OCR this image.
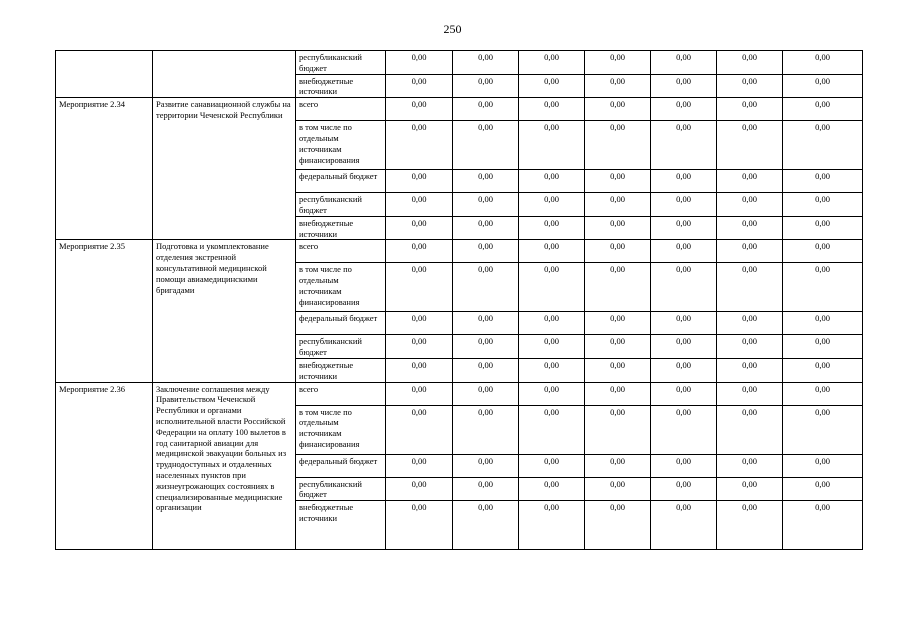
250
		республиканский бюджет	0,00	0,00	0,00	0,00	0,00	0,00	0,00
		внебюджетные источники	0,00	0,00	0,00	0,00	0,00	0,00	0,00
Мероприятие 2.34	Развитие санавиационной службы на территории Чеченской Республики	всего	0,00	0,00	0,00	0,00	0,00	0,00	0,00
		в том числе по отдельным источникам финансирования	0,00	0,00	0,00	0,00	0,00	0,00	0,00
		федеральный бюджет	0,00	0,00	0,00	0,00	0,00	0,00	0,00
		республиканский бюджет	0,00	0,00	0,00	0,00	0,00	0,00	0,00
		внебюджетные источники	0,00	0,00	0,00	0,00	0,00	0,00	0,00
Мероприятие 2.35	Подготовка и укомплектование отделения экстренной консультативной медицинской помощи авиамедицинскими бригадами	всего	0,00	0,00	0,00	0,00	0,00	0,00	0,00
		в том числе по отдельным источникам финансирования	0,00	0,00	0,00	0,00	0,00	0,00	0,00
		федеральный бюджет	0,00	0,00	0,00	0,00	0,00	0,00	0,00
		республиканский бюджет	0,00	0,00	0,00	0,00	0,00	0,00	0,00
		внебюджетные источники	0,00	0,00	0,00	0,00	0,00	0,00	0,00
Мероприятие 2.36	Заключение соглашения между Правительством Чеченской Республики и органами исполнительной власти Российской Федерации на оплату 100 вылетов в год санитарной авиации для медицинской эвакуации больных из труднодоступных и отдаленных населенных пунктов при жизнеугрожающих состояниях в специализированные медицинские организации	всего	0,00	0,00	0,00	0,00	0,00	0,00	0,00
		в том числе по отдельным источникам финансирования	0,00	0,00	0,00	0,00	0,00	0,00	0,00
		федеральный бюджет	0,00	0,00	0,00	0,00	0,00	0,00	0,00
		республиканский бюджет	0,00	0,00	0,00	0,00	0,00	0,00	0,00
		внебюджетные источники	0,00	0,00	0,00	0,00	0,00	0,00	0,00
